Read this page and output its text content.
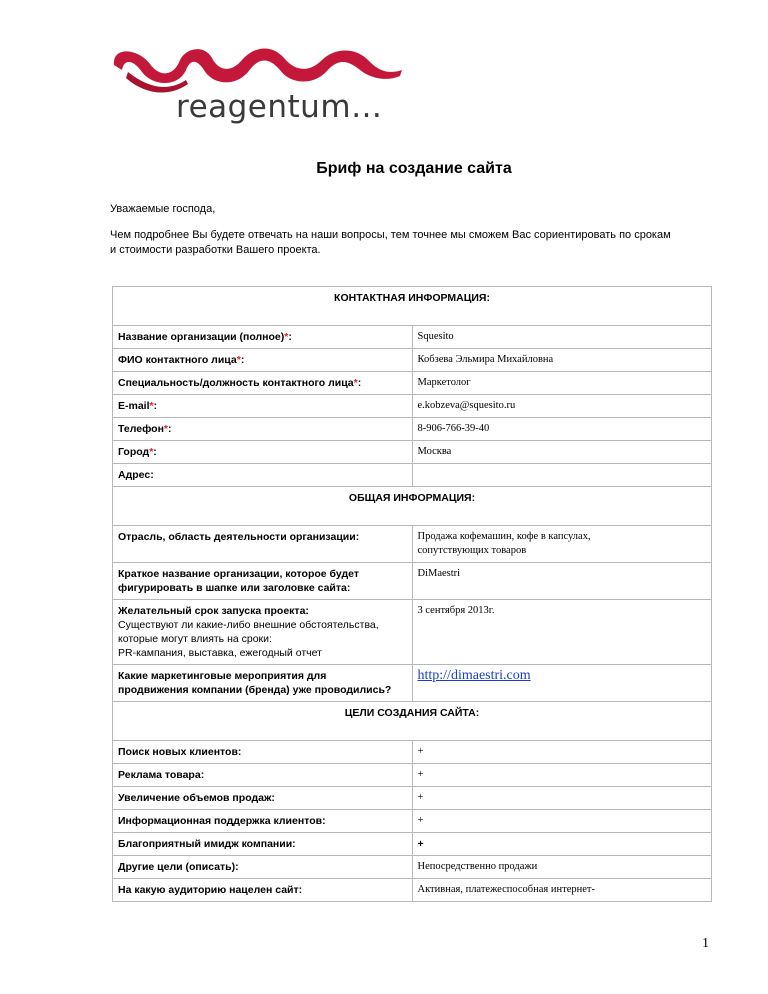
reagentum…
Бриф на создание сайта
Уважаемые господа,
Чем подробнее Вы будете отвечать на наши вопросы, тем точнее мы сможем Вас сориентировать по срокам
и стоимости разработки Вашего проекта.
КОНТАКТНАЯ ИНФОРМАЦИЯ:	
Название организации (полное)*:	Squesito
ФИО контактного лица*:	Кобзева Эльмира Михайловна
Специальность/должность контактного лица*:	Маркетолог
E-mail*:	e.kobzeva@squesito.ru
Телефон*:	8-906-766-39-40
Город*:	Москва
Адрес:	
ОБЩАЯ ИНФОРМАЦИЯ:	
Отрасль, область деятельности организации:	Продажа кофемашин, кофе в капсулах,
сопутствующих товаров

Краткое название организации, которое будет
фигурировать в шапке или заголовке сайта:	DiMaestri

Желательный срок запуска проекта:
Существуют ли какие-либо внешние обстоятельства,
которые могут влиять на сроки:
PR-кампания, выставка, ежегодный отчет	3 сентября 2013г.

Какие маркетинговые мероприятия для
продвижения компании (бренда) уже проводились?	http://dimaestri.com
ЦЕЛИ СОЗДАНИЯ САЙТА:	
Поиск новых клиентов:	+
Реклама товара:	+
Увеличение объемов продаж:	+
Информационная поддержка клиентов:	+
Благоприятный имидж компании:	+
Другие цели (описать):	Непосредственно продажи
На какую аудиторию нацелен сайт:	Активная, платежеспособная интернет-
1
